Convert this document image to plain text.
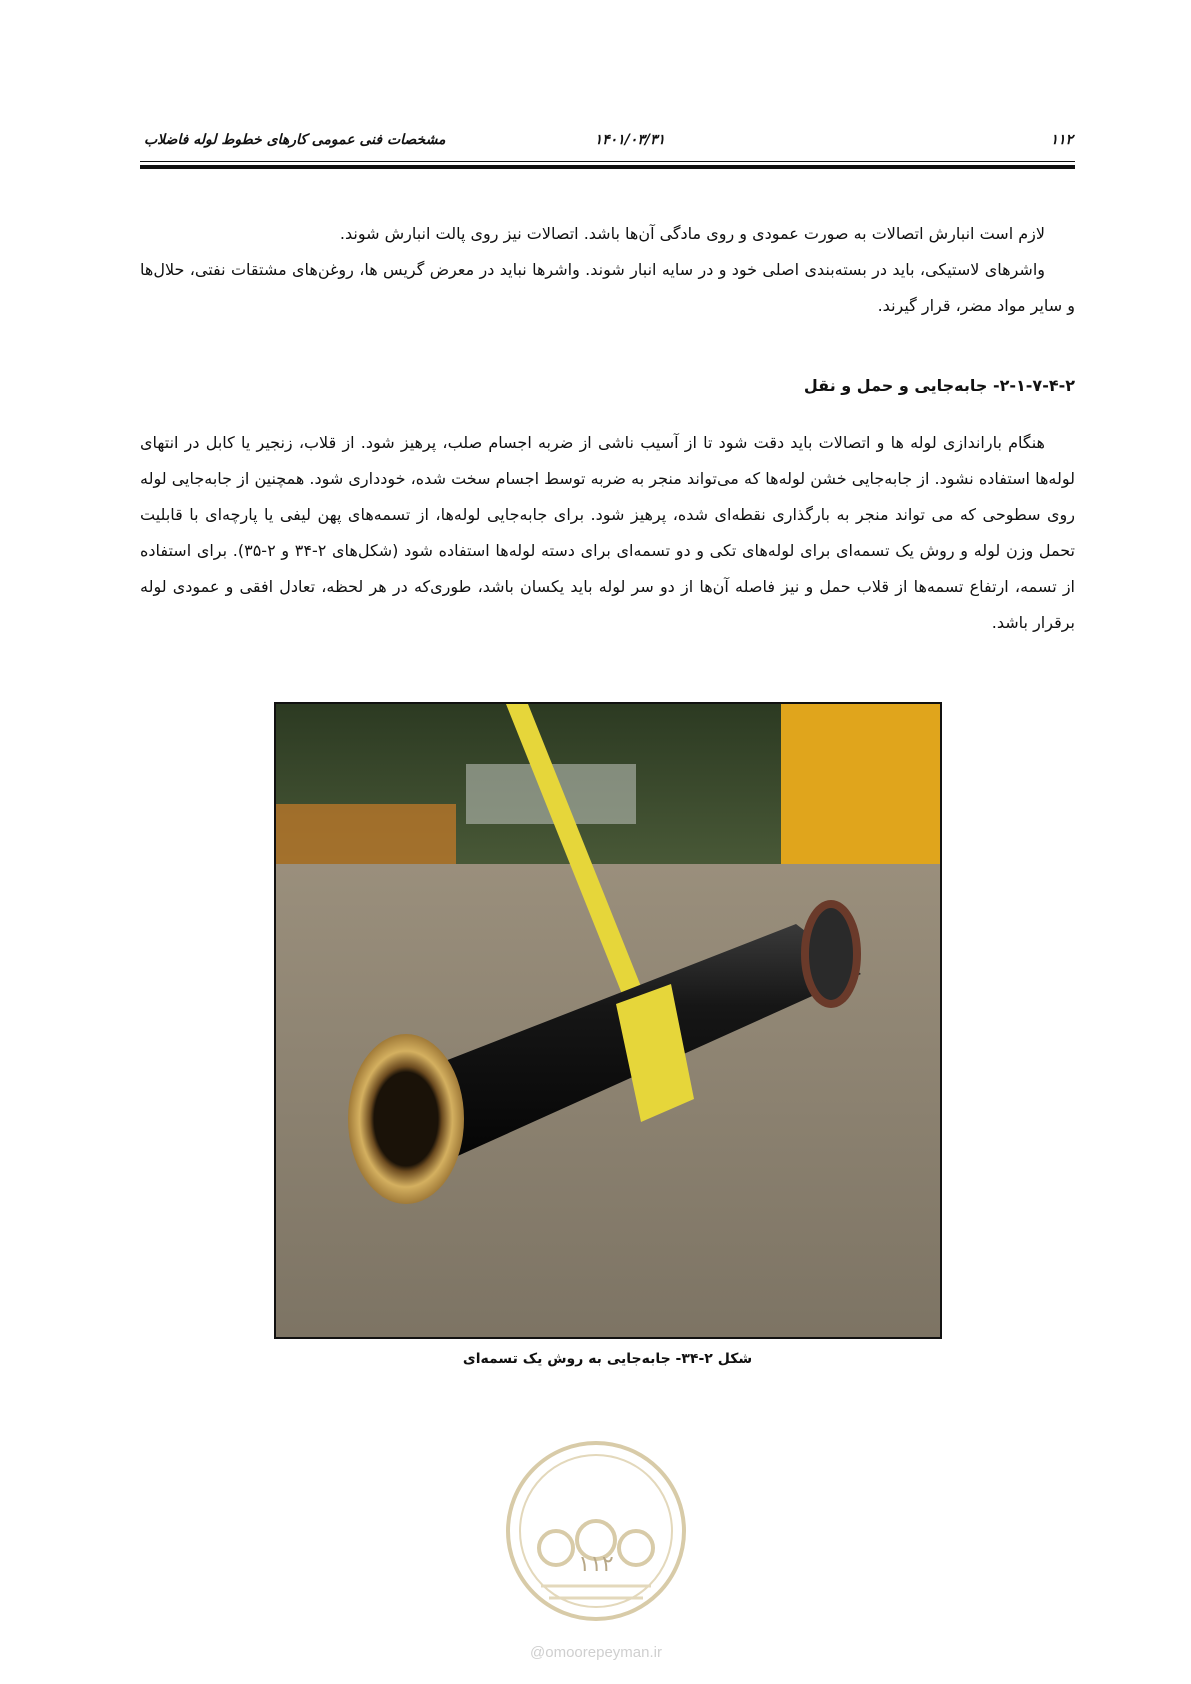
۱۱۲
۱۴۰۱/۰۳/۳۱
مشخصات فنی عمومی کارهای خطوط لوله فاضلاب

لازم است انبارش اتصالات به صورت عمودی و روی مادگی آن‌ها باشد. اتصالات نیز روی پالت انبارش شوند.

واشرهای لاستیکی، باید در بسته‌بندی اصلی خود و در سایه انبار شوند. واشرها نباید در معرض گریس ها، روغن‌های مشتقات نفتی، حلال‌ها و سایر مواد مضر، قرار گیرند.

۲-۱-۷-۴-۲- جابه‌جایی و حمل و نقل

هنگام باراندازی لوله ها و اتصالات باید دقت شود تا از آسیب ناشی از ضربه اجسام صلب، پرهیز شود. از قلاب، زنجیر یا کابل در انتهای لوله‌ها استفاده نشود. از جابه‌جایی خشن لوله‌ها که می‌تواند منجر به ضربه توسط اجسام سخت شده، خودداری شود. همچنین از جابه‌جایی لوله روی سطوحی که می تواند منجر به بارگذاری نقطه‌ای شده، پرهیز شود. برای جابه‌جایی لوله‌ها، از تسمه‌های پهن لیفی یا پارچه‌ای با قابلیت تحمل وزن لوله و روش یک تسمه‌ای برای لوله‌های تکی و دو تسمه‌ای برای دسته لوله‌ها استفاده شود (شکل‌های ۲-۳۴ و ۲-۳۵). برای استفاده از تسمه، ارتفاع تسمه‌ها از قلاب حمل و نیز فاصله آن‌ها از دو سر لوله باید یکسان باشد، طوری‌که در هر لحظه، تعادل افقی و عمودی لوله برقرار باشد.

شکل ۲-۳۴- جابه‌جایی به روش یک تسمه‌ای
۱۱۲
@omoorepeyman.ir
